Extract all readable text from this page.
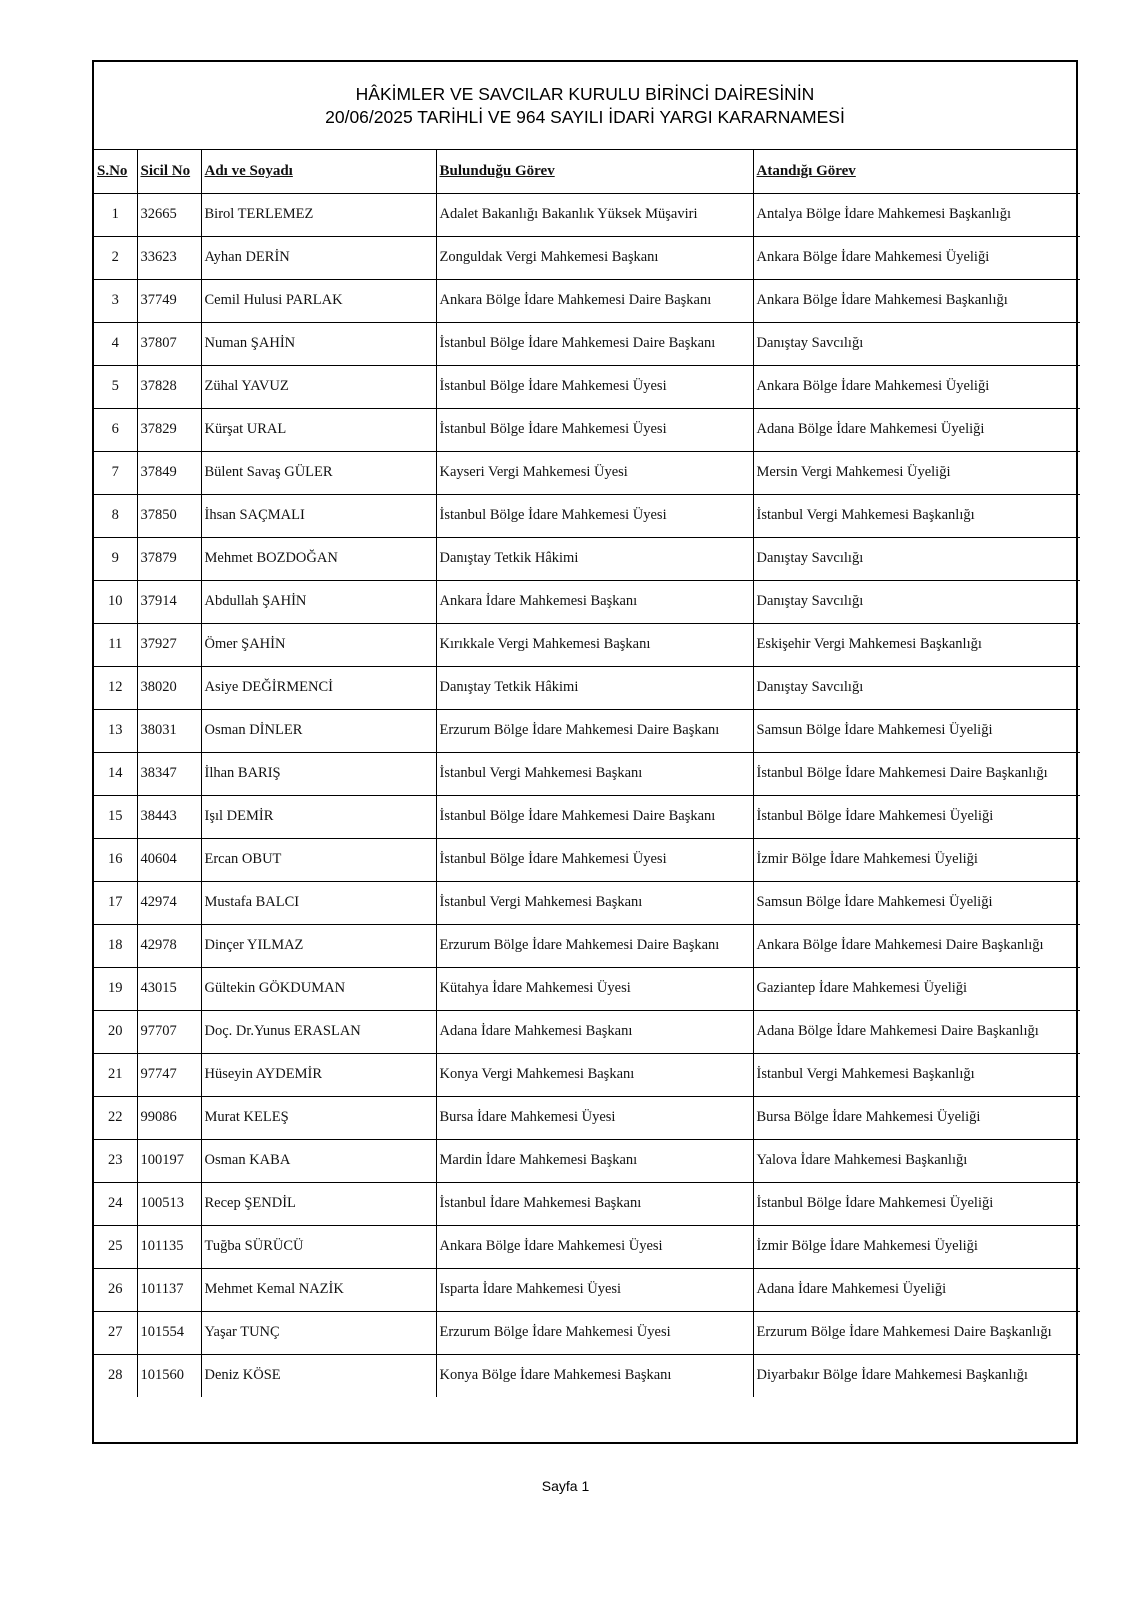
HÂKİMLER VE SAVCILAR KURULU BİRİNCİ DAİRESİNİN
20/06/2025 TARİHLİ VE 964 SAYILI İDARİ YARGI KARARNAMESİ
S.No	Sicil No	Adı ve Soyadı	Bulunduğu Görev	Atandığı Görev
1	32665	Birol TERLEMEZ	Adalet Bakanlığı Bakanlık Yüksek Müşaviri	Antalya Bölge İdare Mahkemesi Başkanlığı
2	33623	Ayhan DERİN	Zonguldak Vergi Mahkemesi Başkanı	Ankara Bölge İdare Mahkemesi Üyeliği
3	37749	Cemil Hulusi PARLAK	Ankara Bölge İdare Mahkemesi Daire Başkanı	Ankara Bölge İdare Mahkemesi Başkanlığı
4	37807	Numan ŞAHİN	İstanbul Bölge İdare Mahkemesi Daire Başkanı	Danıştay Savcılığı
5	37828	Zühal YAVUZ	İstanbul Bölge İdare Mahkemesi Üyesi	Ankara Bölge İdare Mahkemesi Üyeliği
6	37829	Kürşat URAL	İstanbul Bölge İdare Mahkemesi Üyesi	Adana Bölge İdare Mahkemesi Üyeliği
7	37849	Bülent Savaş GÜLER	Kayseri Vergi Mahkemesi Üyesi	Mersin Vergi Mahkemesi Üyeliği
8	37850	İhsan SAÇMALI	İstanbul Bölge İdare Mahkemesi Üyesi	İstanbul Vergi Mahkemesi Başkanlığı
9	37879	Mehmet BOZDOĞAN	Danıştay Tetkik Hâkimi	Danıştay Savcılığı
10	37914	Abdullah ŞAHİN	Ankara İdare Mahkemesi Başkanı	Danıştay Savcılığı
11	37927	Ömer ŞAHİN	Kırıkkale Vergi Mahkemesi Başkanı	Eskişehir Vergi Mahkemesi Başkanlığı
12	38020	Asiye DEĞİRMENCİ	Danıştay Tetkik Hâkimi	Danıştay Savcılığı
13	38031	Osman DİNLER	Erzurum Bölge İdare Mahkemesi Daire Başkanı	Samsun Bölge İdare Mahkemesi Üyeliği
14	38347	İlhan BARIŞ	İstanbul Vergi Mahkemesi Başkanı	İstanbul Bölge İdare Mahkemesi Daire Başkanlığı
15	38443	Işıl DEMİR	İstanbul Bölge İdare Mahkemesi Daire Başkanı	İstanbul Bölge İdare Mahkemesi Üyeliği
16	40604	Ercan OBUT	İstanbul Bölge İdare Mahkemesi Üyesi	İzmir Bölge İdare Mahkemesi Üyeliği
17	42974	Mustafa BALCI	İstanbul Vergi Mahkemesi Başkanı	Samsun Bölge İdare Mahkemesi Üyeliği
18	42978	Dinçer YILMAZ	Erzurum Bölge İdare Mahkemesi Daire Başkanı	Ankara Bölge İdare Mahkemesi Daire Başkanlığı
19	43015	Gültekin GÖKDUMAN	Kütahya İdare Mahkemesi Üyesi	Gaziantep İdare Mahkemesi Üyeliği
20	97707	Doç. Dr.Yunus ERASLAN	Adana İdare Mahkemesi Başkanı	Adana Bölge İdare Mahkemesi Daire Başkanlığı
21	97747	Hüseyin AYDEMİR	Konya Vergi Mahkemesi Başkanı	İstanbul Vergi Mahkemesi Başkanlığı
22	99086	Murat KELEŞ	Bursa İdare Mahkemesi Üyesi	Bursa Bölge İdare Mahkemesi Üyeliği
23	100197	Osman KABA	Mardin İdare Mahkemesi Başkanı	Yalova İdare Mahkemesi Başkanlığı
24	100513	Recep ŞENDİL	İstanbul İdare Mahkemesi Başkanı	İstanbul Bölge İdare Mahkemesi Üyeliği
25	101135	Tuğba SÜRÜCÜ	Ankara Bölge İdare Mahkemesi Üyesi	İzmir Bölge İdare Mahkemesi Üyeliği
26	101137	Mehmet Kemal NAZİK	Isparta İdare Mahkemesi Üyesi	Adana İdare Mahkemesi Üyeliği
27	101554	Yaşar TUNÇ	Erzurum Bölge İdare Mahkemesi Üyesi	Erzurum Bölge İdare Mahkemesi Daire Başkanlığı
28	101560	Deniz KÖSE	Konya Bölge İdare Mahkemesi Başkanı	Diyarbakır Bölge İdare Mahkemesi Başkanlığı
Sayfa 1
